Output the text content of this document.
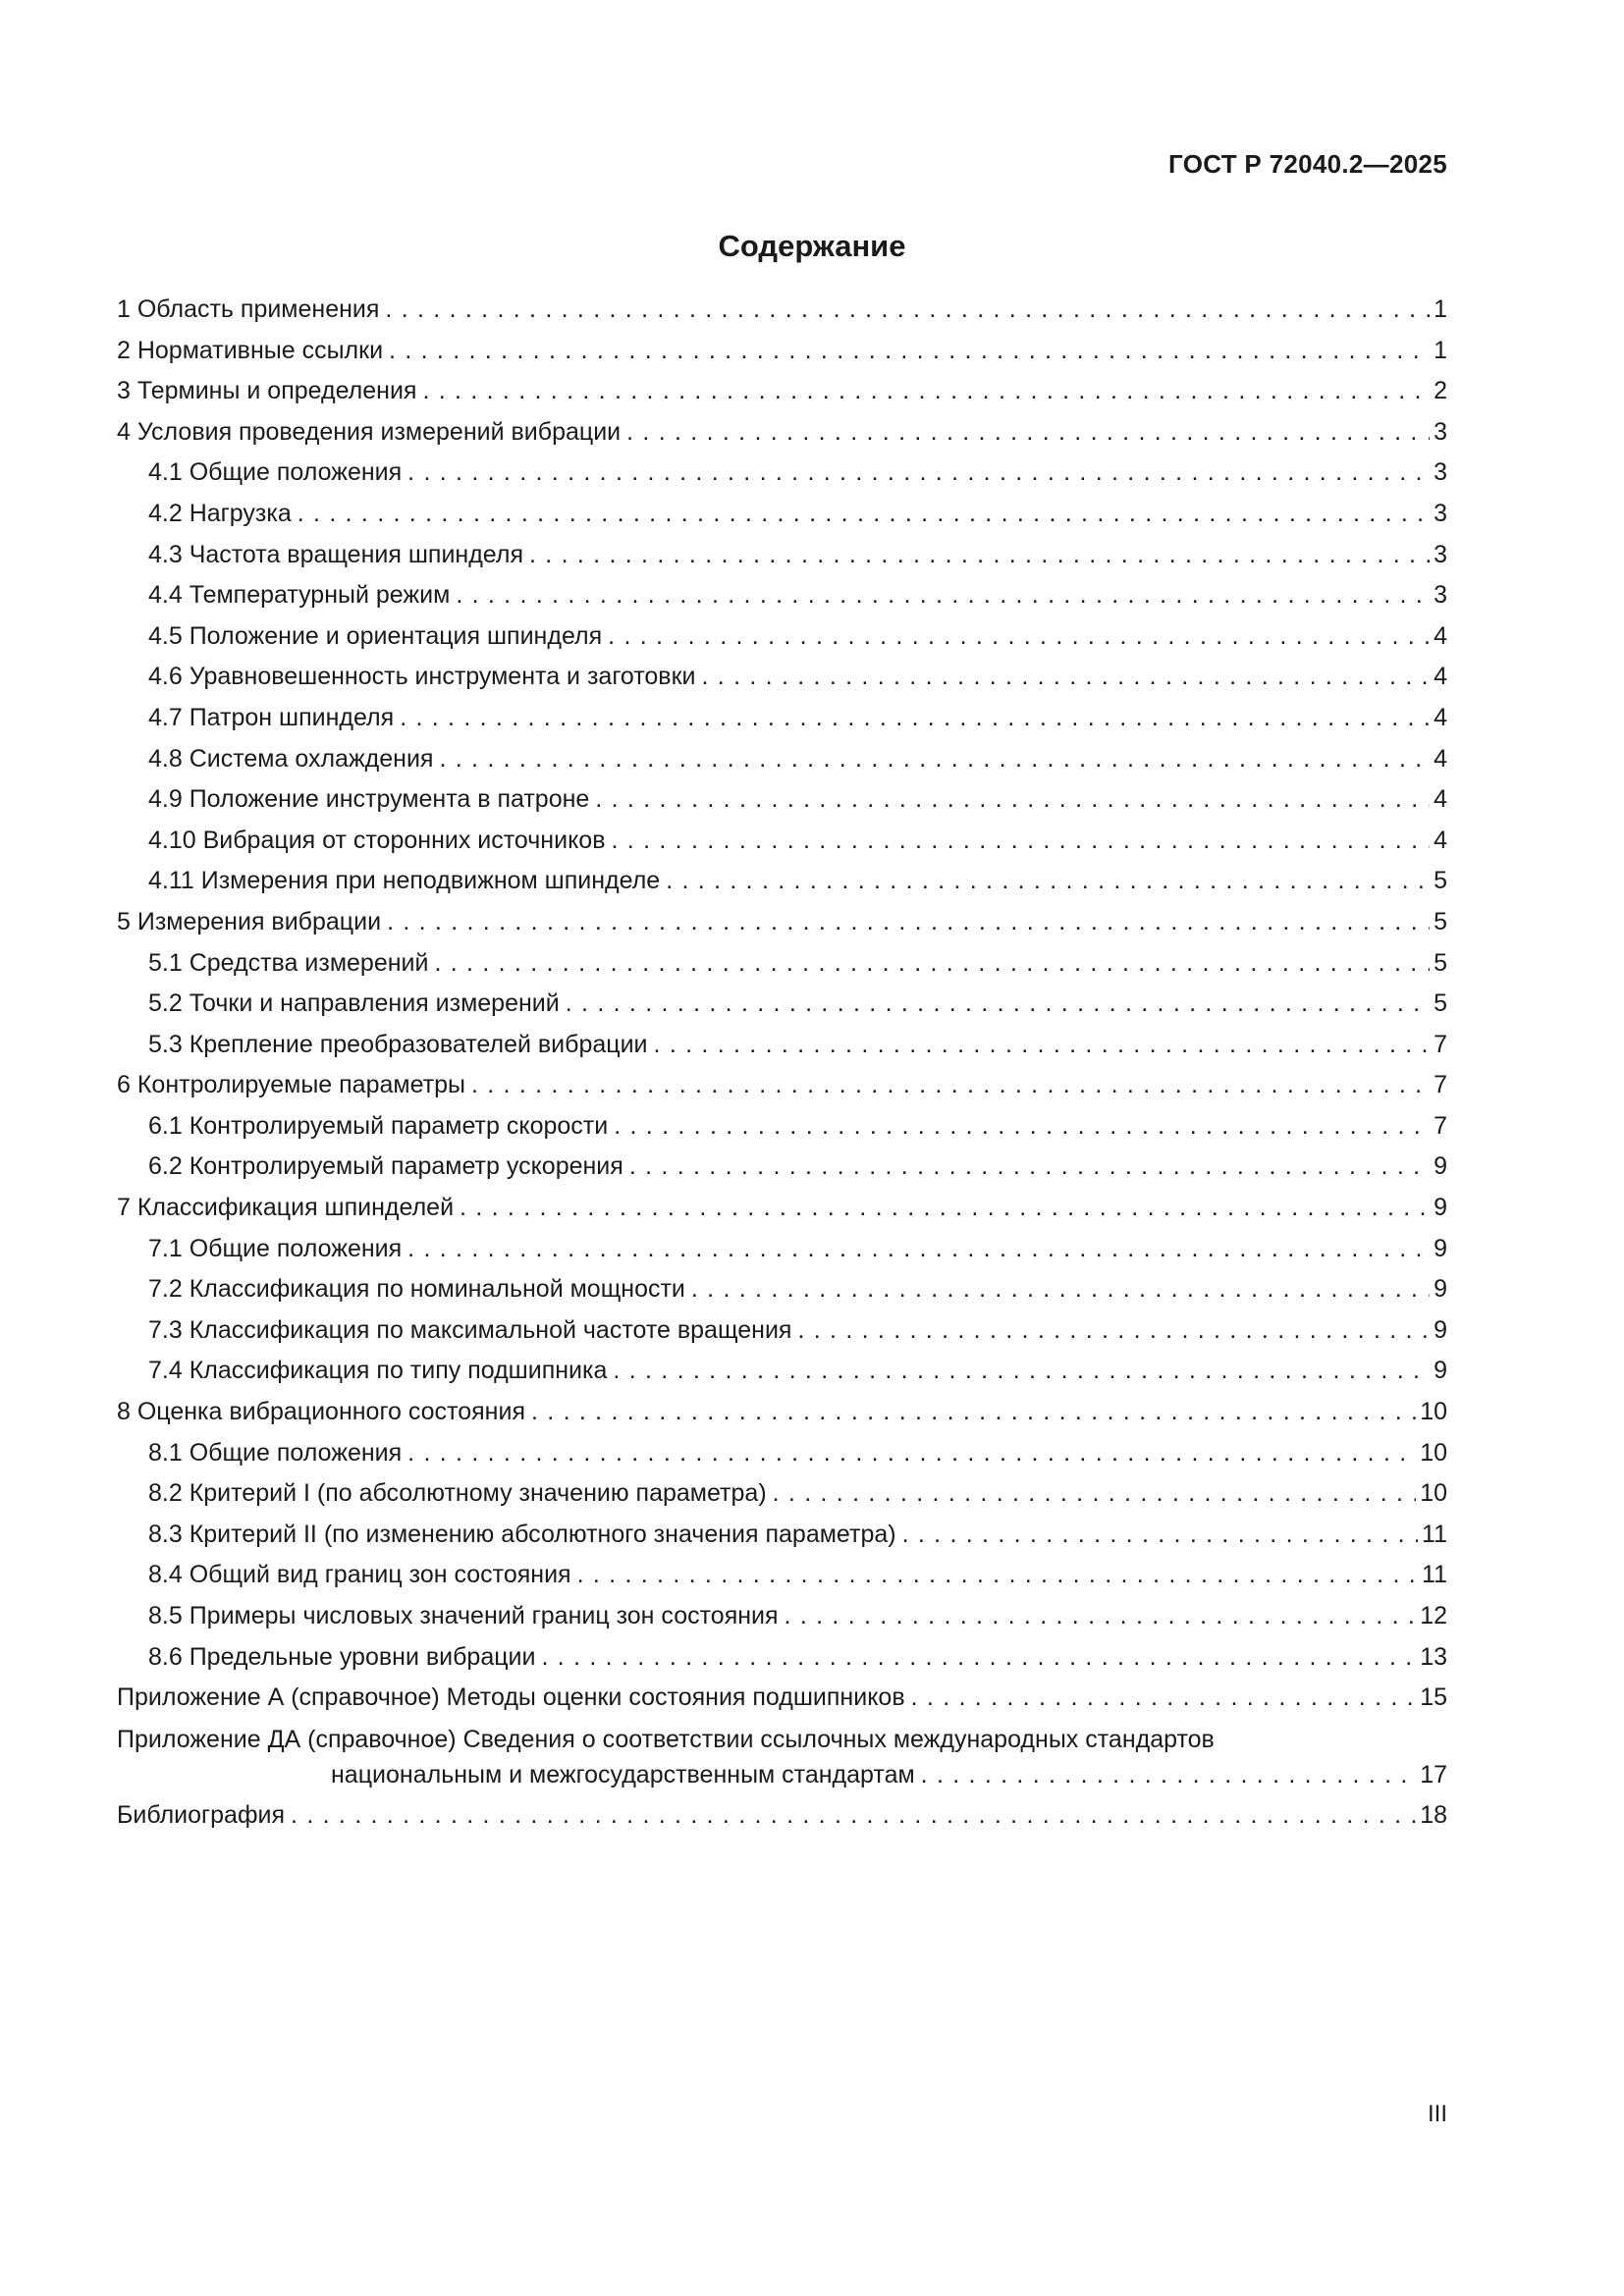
ГОСТ Р 72040.2—2025
Содержание
1 Область применения . . .	1
2 Нормативные ссылки . . .	1
3 Термины и определения . . .	2
4 Условия проведения измерений вибрации . . .	3
4.1 Общие положения . . .	3
4.2 Нагрузка . . .	3
4.3 Частота вращения шпинделя . . .	3
4.4 Температурный режим . . .	3
4.5 Положение и ориентация шпинделя . . .	4
4.6 Уравновешенность инструмента и заготовки . . .	4
4.7 Патрон шпинделя . . .	4
4.8 Система охлаждения . . .	4
4.9 Положение инструмента в патроне . . .	4
4.10 Вибрация от сторонних источников . . .	4
4.11 Измерения при неподвижном шпинделе . . .	5
5 Измерения вибрации . . .	5
5.1 Средства измерений . . .	5
5.2 Точки и направления измерений . . .	5
5.3 Крепление преобразователей вибрации . . .	7
6 Контролируемые параметры . . .	7
6.1 Контролируемый параметр скорости . . .	7
6.2 Контролируемый параметр ускорения . . .	9
7 Классификация шпинделей . . .	9
7.1 Общие положения . . .	9
7.2 Классификация по номинальной мощности . . .	9
7.3 Классификация по максимальной частоте вращения . . .	9
7.4 Классификация по типу подшипника . . .	9
8 Оценка вибрационного состояния . . .	10
8.1 Общие положения . . .	10
8.2 Критерий I (по абсолютному значению параметра) . . .	10
8.3 Критерий II (по изменению абсолютного значения параметра) . . .	11
8.4 Общий вид границ зон состояния . . .	11
8.5 Примеры числовых значений границ зон состояния . . .	12
8.6 Предельные уровни вибрации . . .	13
Приложение А (справочное) Методы оценки состояния подшипников . . .	15
Приложение ДА (справочное) Сведения о соответствии ссылочных международных стандартов
национальным и межгосударственным стандартам . . .	17
Библиография . . .	18
III
